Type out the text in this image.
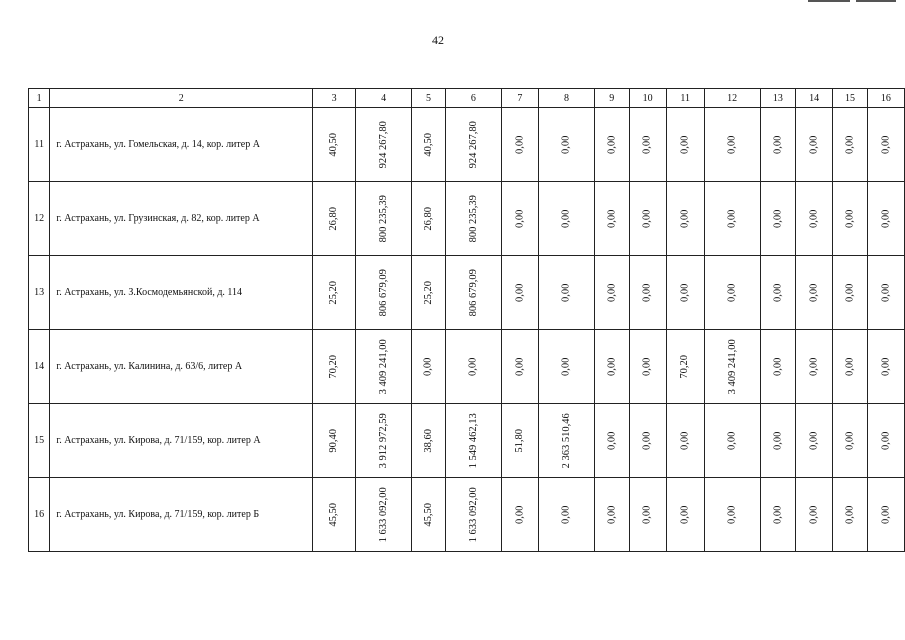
42
1	2	3	4	5	6	7	8	9	10	11	12	13	14	15	16
11	г. Астрахань, ул. Гомельская, д. 14, кор. литер А	40,50	924 267,80	40,50	924 267,80	0,00	0,00	0,00	0,00	0,00	0,00	0,00	0,00	0,00	0,00
12	г. Астрахань, ул. Грузинская, д. 82, кор. литер А	26,80	800 235,39	26,80	800 235,39	0,00	0,00	0,00	0,00	0,00	0,00	0,00	0,00	0,00	0,00
13	г. Астрахань, ул. З.Космодемьянской, д. 114	25,20	806 679,09	25,20	806 679,09	0,00	0,00	0,00	0,00	0,00	0,00	0,00	0,00	0,00	0,00
14	г. Астрахань, ул. Калинина, д. 63/6, литер А	70,20	3 409 241,00	0,00	0,00	0,00	0,00	0,00	0,00	70,20	3 409 241,00	0,00	0,00	0,00	0,00
15	г. Астрахань, ул. Кирова, д. 71/159, кор. литер А	90,40	3 912 972,59	38,60	1 549 462,13	51,80	2 363 510,46	0,00	0,00	0,00	0,00	0,00	0,00	0,00	0,00
16	г. Астрахань, ул. Кирова, д. 71/159, кор. литер Б	45,50	1 633 092,00	45,50	1 633 092,00	0,00	0,00	0,00	0,00	0,00	0,00	0,00	0,00	0,00	0,00
